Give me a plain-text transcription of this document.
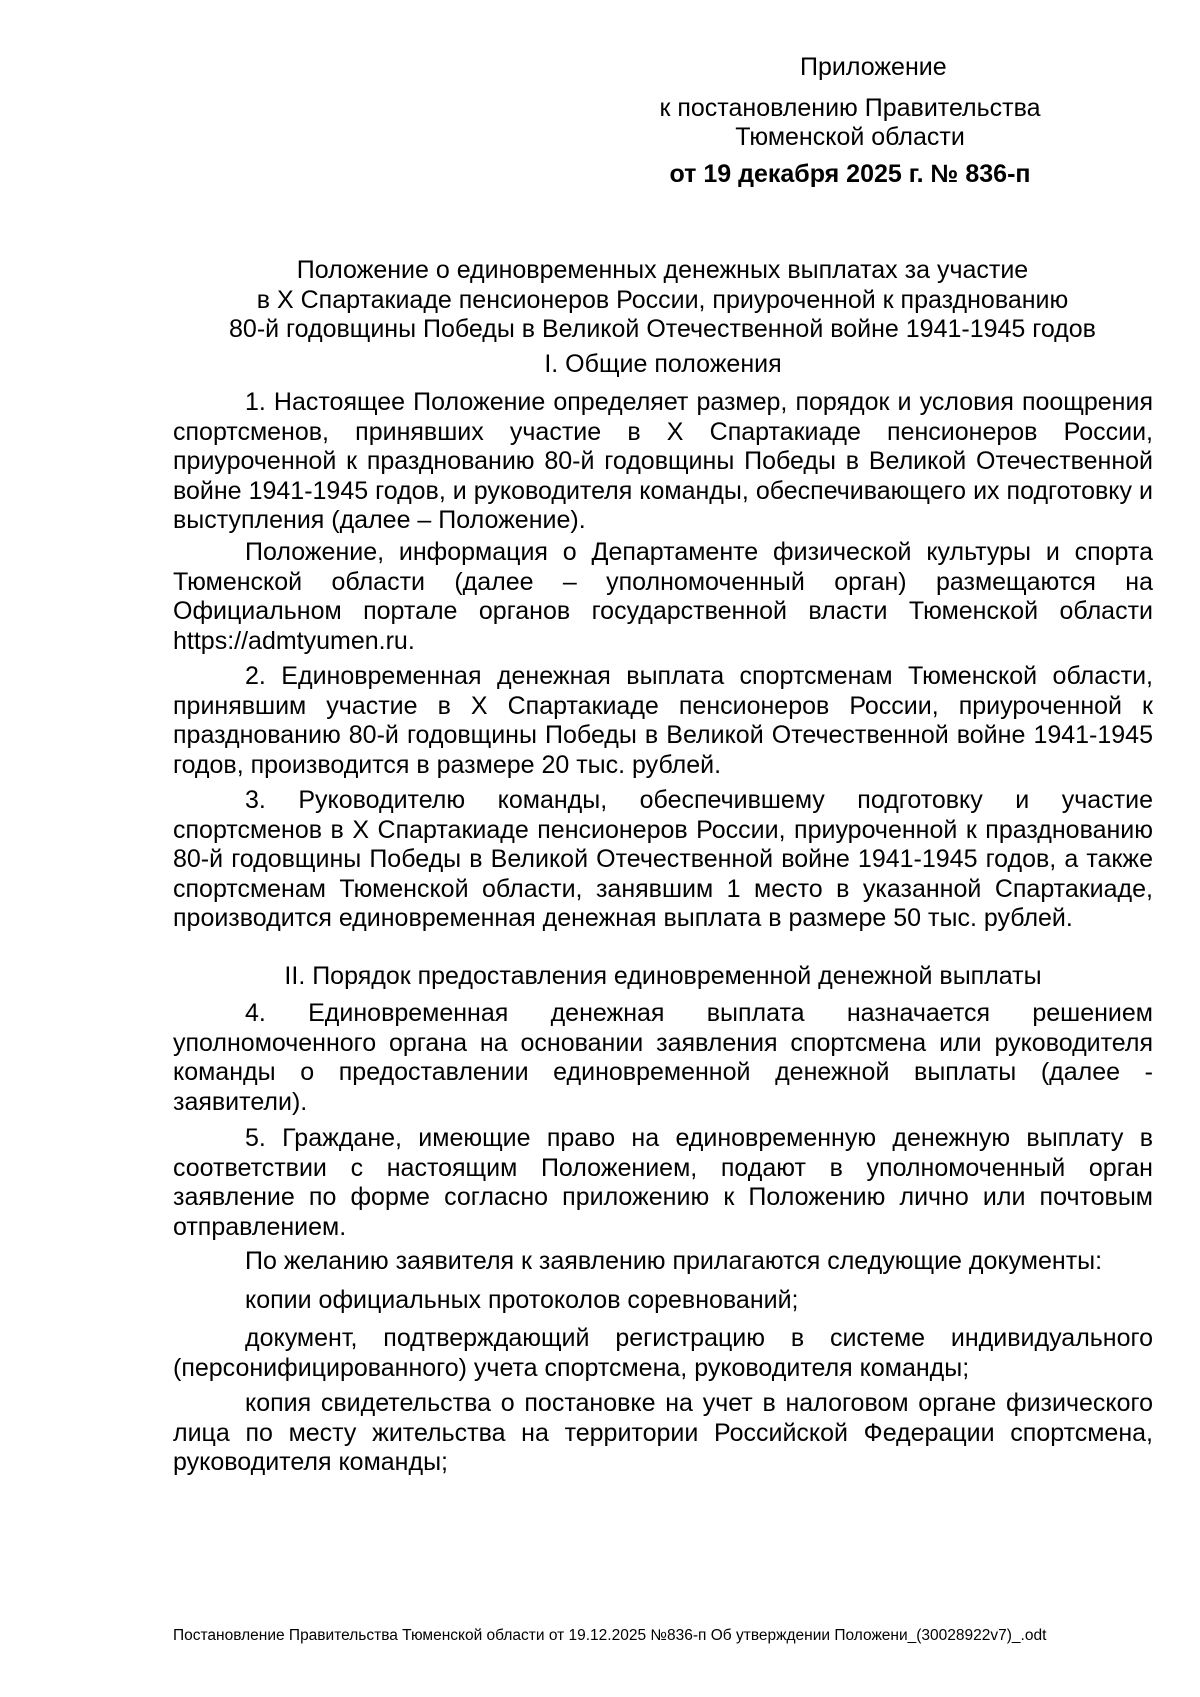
Приложение
к постановлению Правительства
Тюменской области
от 19 декабря 2025 г. № 836-п
Положение о единовременных денежных выплатах за участие
в X Спартакиаде пенсионеров России, приуроченной к празднованию
80-й годовщины Победы в Великой Отечественной войне 1941-1945 годов
I. Общие положения

1. Настоящее Положение определяет размер, порядок и условия поощрения спортсменов, принявших участие в X Спартакиаде пенсионеров России, приуроченной к празднованию 80-й годовщины Победы в Великой Отечественной войне 1941-1945 годов, и руководителя команды, обеспечивающего их подготовку и выступления (далее – Положение).

Положение, информация о Департаменте физической культуры и спорта Тюменской области (далее – уполномоченный орган) размещаются на Официальном портале органов государственной власти Тюменской области https://admtyumen.ru.

2. Единовременная денежная выплата спортсменам Тюменской области, принявшим участие в X Спартакиаде пенсионеров России, приуроченной к празднованию 80-й годовщины Победы в Великой Отечественной войне 1941-1945 годов, производится в размере 20 тыс. рублей.

3. Руководителю команды, обеспечившему подготовку и участие спортсменов в X Спартакиаде пенсионеров России, приуроченной к празднованию 80-й годовщины Победы в Великой Отечественной войне 1941-1945 годов, а также спортсменам Тюменской области, занявшим 1 место в указанной Спартакиаде, производится единовременная денежная выплата в размере 50 тыс. рублей.

II. Порядок предоставления единовременной денежной выплаты

4. Единовременная денежная выплата назначается решением уполномоченного органа на основании заявления спортсмена или руководителя команды о предоставлении единовременной денежной выплаты (далее - заявители).

5. Граждане, имеющие право на единовременную денежную выплату в соответствии с настоящим Положением, подают в уполномоченный орган заявление по форме согласно приложению к Положению лично или почтовым отправлением.

По желанию заявителя к заявлению прилагаются следующие документы:

копии официальных протоколов соревнований;

документ, подтверждающий регистрацию в системе индивидуального (персонифицированного) учета спортсмена, руководителя команды;

копия свидетельства о постановке на учет в налоговом органе физического лица по месту жительства на территории Российской Федерации спортсмена, руководителя команды;

Постановление Правительства Тюменской области от 19.12.2025 №836-п Об утверждении Положени_(30028922v7)_.odt
